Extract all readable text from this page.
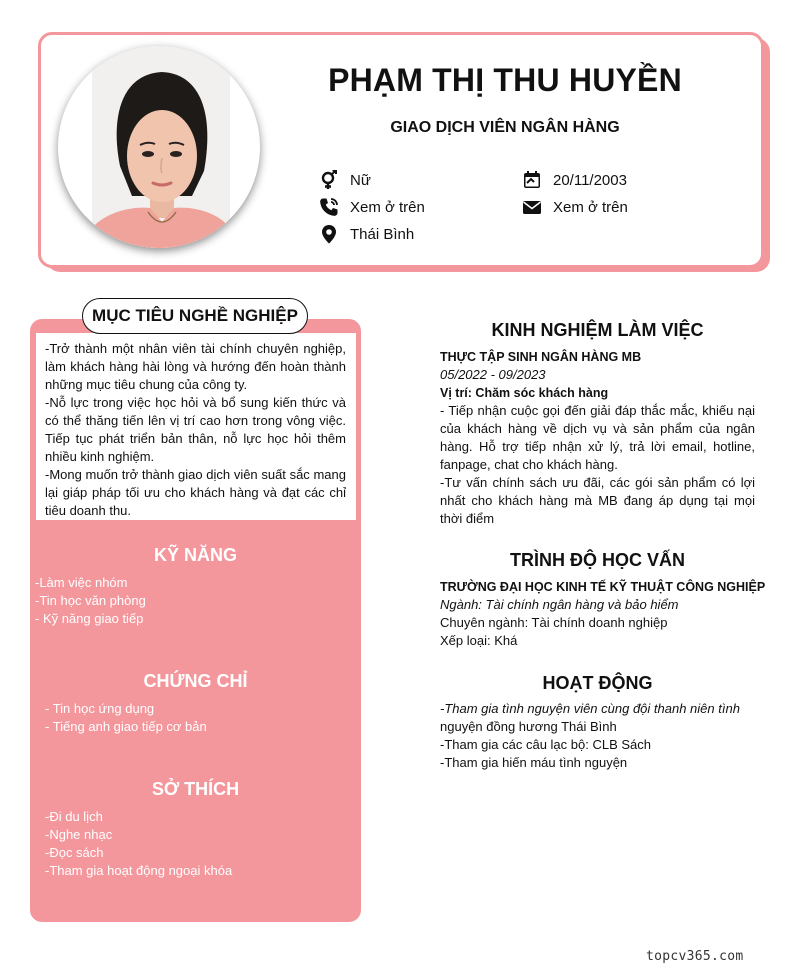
PHẠM THỊ THU HUYỀN
GIAO DỊCH VIÊN NGÂN HÀNG
Nữ	20/11/2003
Xem ở trên	Xem ở trên
Thái Bình
MỤC TIÊU NGHỀ NGHIỆP
-Trở thành một nhân viên tài chính chuyên nghiệp, làm khách hàng hài lòng và hướng đến hoàn thành những mục tiêu chung của công ty.
-Nỗ lực trong việc học hỏi và bổ sung kiến thức và có thể thăng tiến lên vị trí cao hơn trong vông việc. Tiếp tục phát triển bản thân, nỗ lực học hỏi thêm nhiều kinh nghiệm.
-Mong muốn trở thành giao dịch viên suất sắc mang lại giáp pháp tối ưu cho khách hàng và đạt các chỉ tiêu doanh thu.
KỸ NĂNG
-Làm việc nhóm
-Tin học văn phòng
- Kỹ năng giao tiếp
CHỨNG CHỈ
- Tin học ứng dụng
- Tiếng anh giao tiếp cơ bản
SỞ THÍCH
-Đi du lịch
-Nghe nhạc
-Đọc sách
-Tham gia hoạt động ngoại khóa
KINH NGHIỆM LÀM VIỆC
THỰC TẬP SINH NGÂN HÀNG MB
05/2022 - 09/2023
Vị trí: Chăm sóc khách hàng
- Tiếp nhận cuộc gọi đến giải đáp thắc mắc, khiếu nại của khách hàng về dịch vụ và sản phẩm của ngân hàng. Hỗ trợ tiếp nhận xử lý, trả lời email, hotline, fanpage, chat cho khách hàng.
-Tư vấn chính sách ưu đãi, các gói sản phẩm có lợi nhất cho khách hàng mà MB đang áp dụng tại mọi thời điểm
TRÌNH ĐỘ HỌC VẤN
TRƯỜNG ĐẠI HỌC KINH TẾ KỸ THUẬT CÔNG NGHIỆP
Ngành: Tài chính ngân hàng và bảo hiểm
Chuyên ngành: Tài chính doanh nghiệp
Xếp loại: Khá
HOẠT ĐỘNG
-Tham gia tình nguyện viên cùng đội thanh niên tình
nguyện đồng hương Thái Bình
-Tham gia các câu lạc bộ: CLB Sách
-Tham gia hiến máu tình nguyện
topcv365.com
